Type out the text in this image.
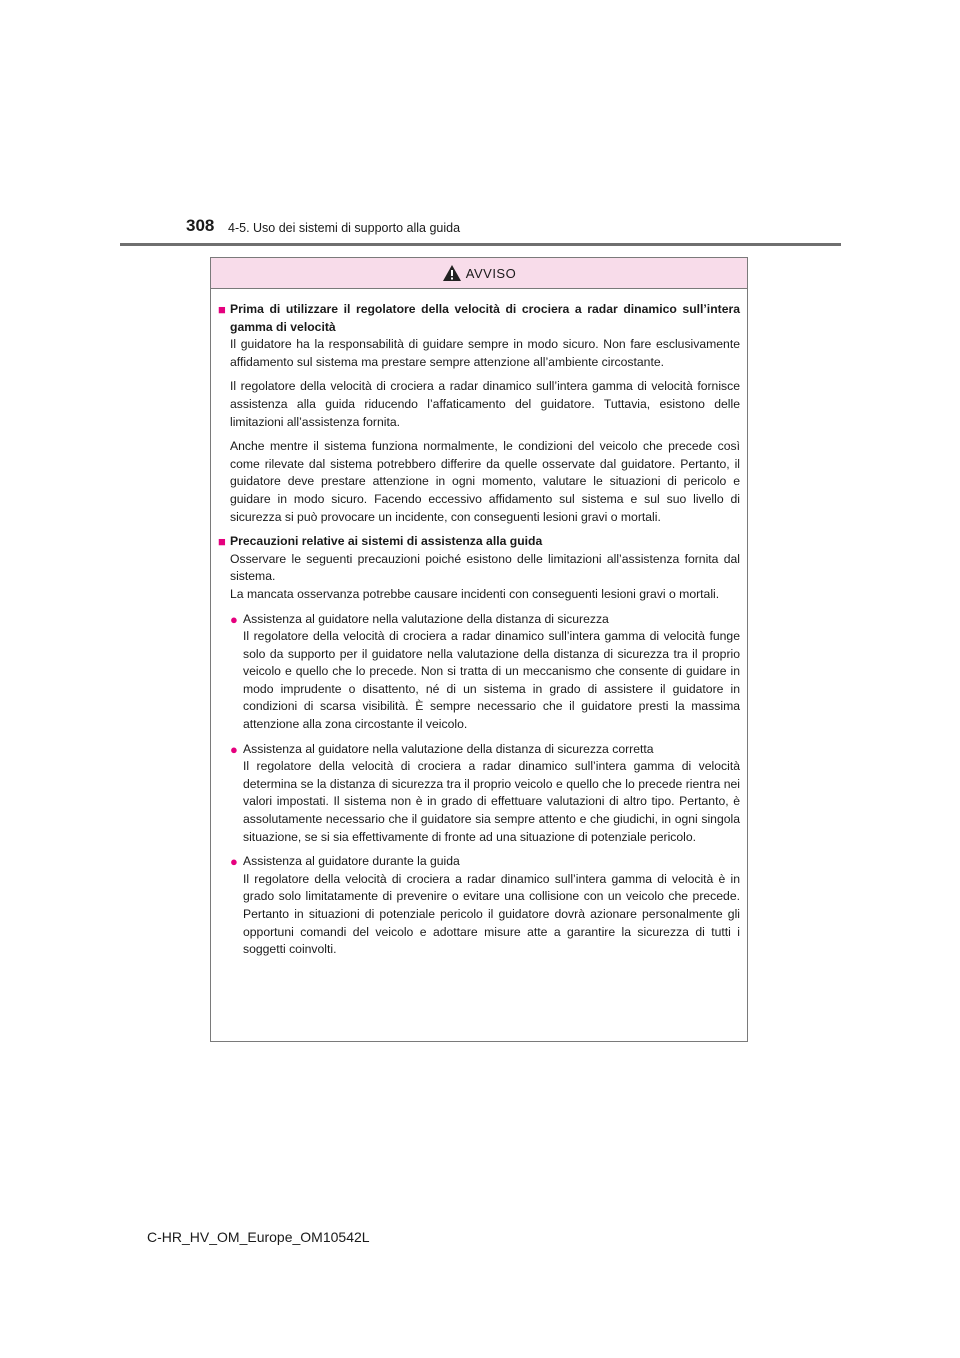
308 4-5. Uso dei sistemi di supporto alla guida
AVVISO
■ Prima di utilizzare il regolatore della velocità di crociera a radar dinamico sull’intera gamma di velocità

Il guidatore ha la responsabilità di guidare sempre in modo sicuro. Non fare esclusivamente affidamento sul sistema ma prestare sempre attenzione all’ambiente circostante.

Il regolatore della velocità di crociera a radar dinamico sull’intera gamma di velocità fornisce assistenza alla guida riducendo l’affaticamento del guidatore. Tuttavia, esistono delle limitazioni all’assistenza fornita.

Anche mentre il sistema funziona normalmente, le condizioni del veicolo che precede così come rilevate dal sistema potrebbero differire da quelle osservate dal guidatore. Pertanto, il guidatore deve prestare attenzione in ogni momento, valutare le situazioni di pericolo e guidare in modo sicuro. Facendo eccessivo affidamento sul sistema e sul suo livello di sicurezza si può provocare un incidente, con conseguenti lesioni gravi o mortali.

■ Precauzioni relative ai sistemi di assistenza alla guida

Osservare le seguenti precauzioni poiché esistono delle limitazioni all’assistenza fornita dal sistema.
La mancata osservanza potrebbe causare incidenti con conseguenti lesioni gravi o mortali.

● Assistenza al guidatore nella valutazione della distanza di sicurezza
Il regolatore della velocità di crociera a radar dinamico sull’intera gamma di velocità funge solo da supporto per il guidatore nella valutazione della distanza di sicurezza tra il proprio veicolo e quello che lo precede. Non si tratta di un meccanismo che consente di guidare in modo imprudente o disattento, né di un sistema in grado di assistere il guidatore in condizioni di scarsa visibilità. È sempre necessario che il guidatore presti la massima attenzione alla zona circostante il veicolo.
● Assistenza al guidatore nella valutazione della distanza di sicurezza corretta
Il regolatore della velocità di crociera a radar dinamico sull’intera gamma di velocità determina se la distanza di sicurezza tra il proprio veicolo e quello che lo precede rientra nei valori impostati. Il sistema non è in grado di effettuare valutazioni di altro tipo. Pertanto, è assolutamente necessario che il guidatore sia sempre attento e che giudichi, in ogni singola situazione, se si sia effettivamente di fronte ad una situazione di potenziale pericolo.
● Assistenza al guidatore durante la guida
Il regolatore della velocità di crociera a radar dinamico sull’intera gamma di velocità è in grado solo limitatamente di prevenire o evitare una collisione con un veicolo che precede. Pertanto in situazioni di potenziale pericolo il guidatore dovrà azionare personalmente gli opportuni comandi del veicolo e adottare misure atte a garantire la sicurezza di tutti i soggetti coinvolti.
C-HR_HV_OM_Europe_OM10542L
